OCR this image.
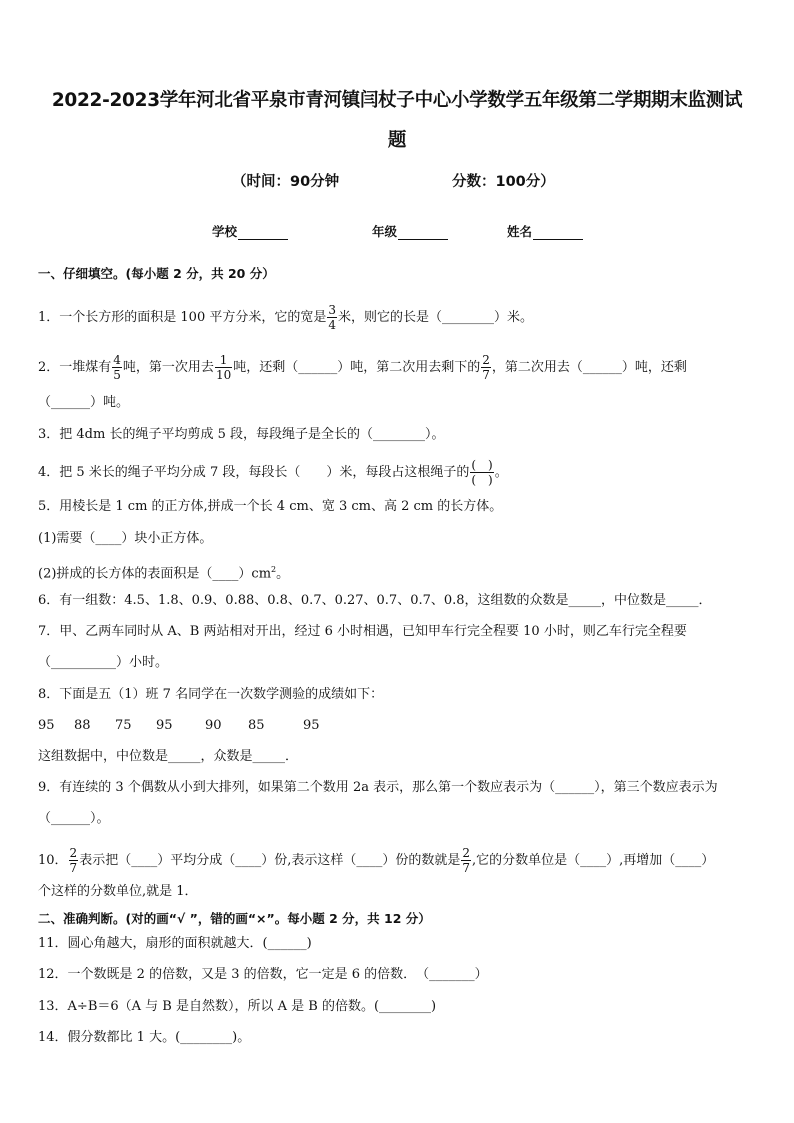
2022-2023学年河北省平泉市青河镇闫杖子中心小学数学五年级第二学期期末监测试
题
（时间：90分钟	分数：100分）
学校	年级	姓名
一、仔细填空。(每小题 2 分，共 20 分）
1．一个长方形的面积是 100 平方分米，它的宽是 $\frac{3}{4}$ 米，则它的长是（________）米。
2．一堆煤有 $\frac{4}{5}$ 吨，第一次用去 $\frac{1}{10}$ 吨，还剩（______）吨，第二次用去剩下的 $\frac{2}{7}$ ，第二次用去（______）吨，还剩
（______）吨。
3．把 4dm 长的绳子平均剪成 5 段，每段绳子是全长的（________）。
4．把 5 米长的绳子平均分成 7 段，每段长（　　）米，每段占这根绳子的 $\frac{( )}{( )}$ 。
5．用棱长是 1 cm 的正方体,拼成一个长 4 cm、宽 3 cm、高 2 cm 的长方体。
(1)需要（____）块小正方体。
(2)拼成的长方体的表面积是$(\_\_\_\_)cm^2$。
6．有一组数：4.5、1.8、0.9、0.88、0.8、0.7、0.27、0.7、0.7、0.8，这组数的众数是_____，中位数是_____．
7．甲、乙两车同时从 A、B 两站相对开出，经过 6 小时相遇，已知甲车行完全程要 10 小时，则乙车行完全程要
（__________）小时。
8．下面是五（1）班 7 名同学在一次数学测验的成绩如下：
95 88 75 95 90 85	95
这组数据中，中位数是_____，众数是_____．
9．有连续的 3 个偶数从小到大排列，如果第二个数用 2a 表示，那么第一个数应表示为（______），第三个数应表示为
（______）。
10． $\frac{2}{7}$ 表示把（____）平均分成（____）份,表示这样（____）份的数就是 $\frac{2}{7}$ ,它的分数单位是（____）,再增加（____）
个这样的分数单位,就是 1．
二、准确判断。(对的画“√ ”，错的画“×”。每小题 2 分，共 12 分）
11．圆心角越大，扇形的面积就越大．(______)
12．一个数既是 2 的倍数，又是 3 的倍数，它一定是 6 的倍数．　（_______）
13．A÷B＝6（A 与 B 是自然数），所以 A 是 B 的倍数。(________)
14．假分数都比 1 大。(________)。
